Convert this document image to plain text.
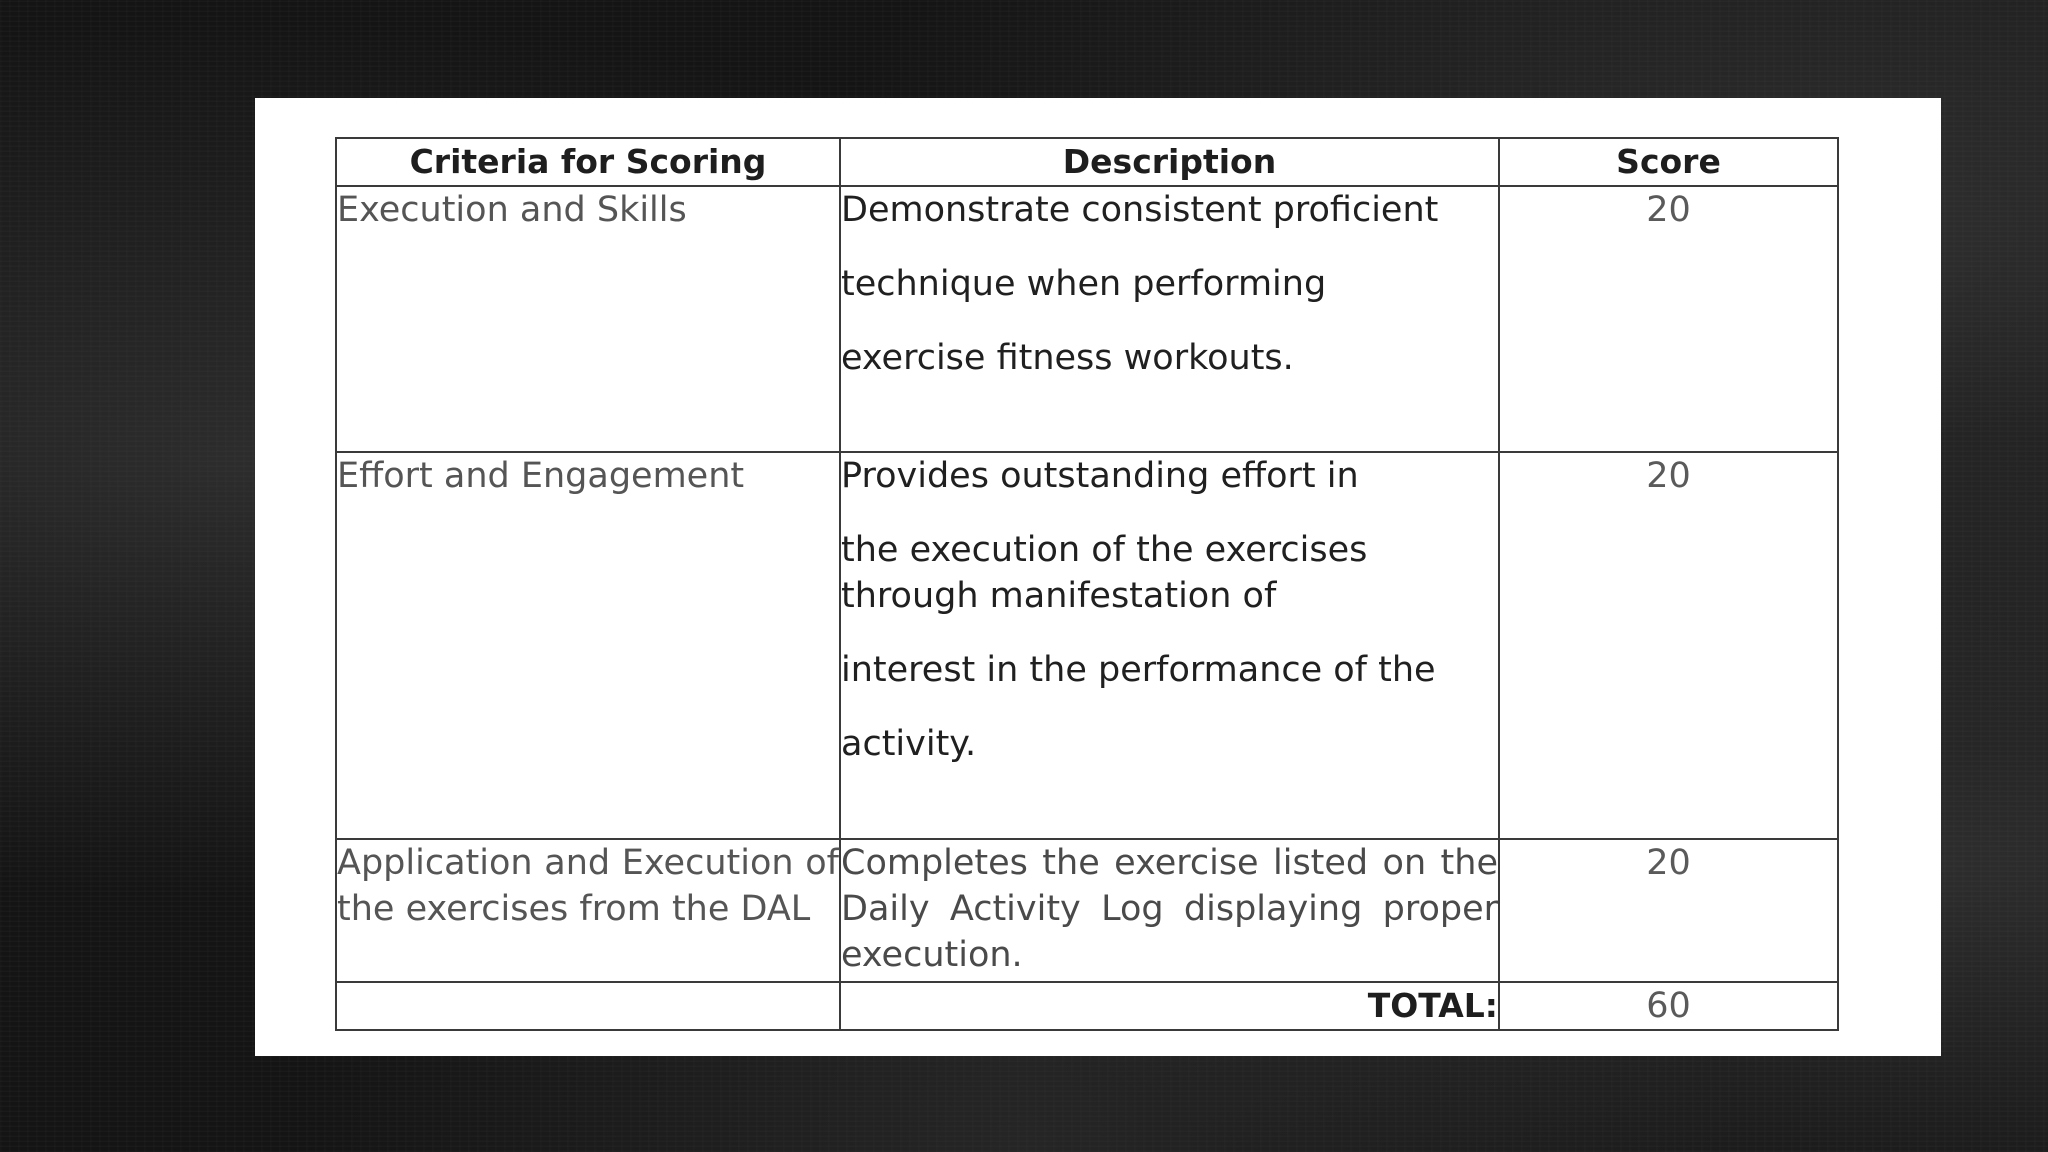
Criteria for Scoring	Description	Score
Execution and Skills	Demonstrate consistent proficient
technique when performing
exercise fitness workouts.	20
Effort and Engagement	Provides outstanding effort in
the execution of the exercises
through manifestation of
interest in the performance of the
activity.	20
Application and Execution of the exercises from the DAL	Completes the exercise listed on the Daily Activity Log displaying proper execution.	20
	TOTAL:	60
